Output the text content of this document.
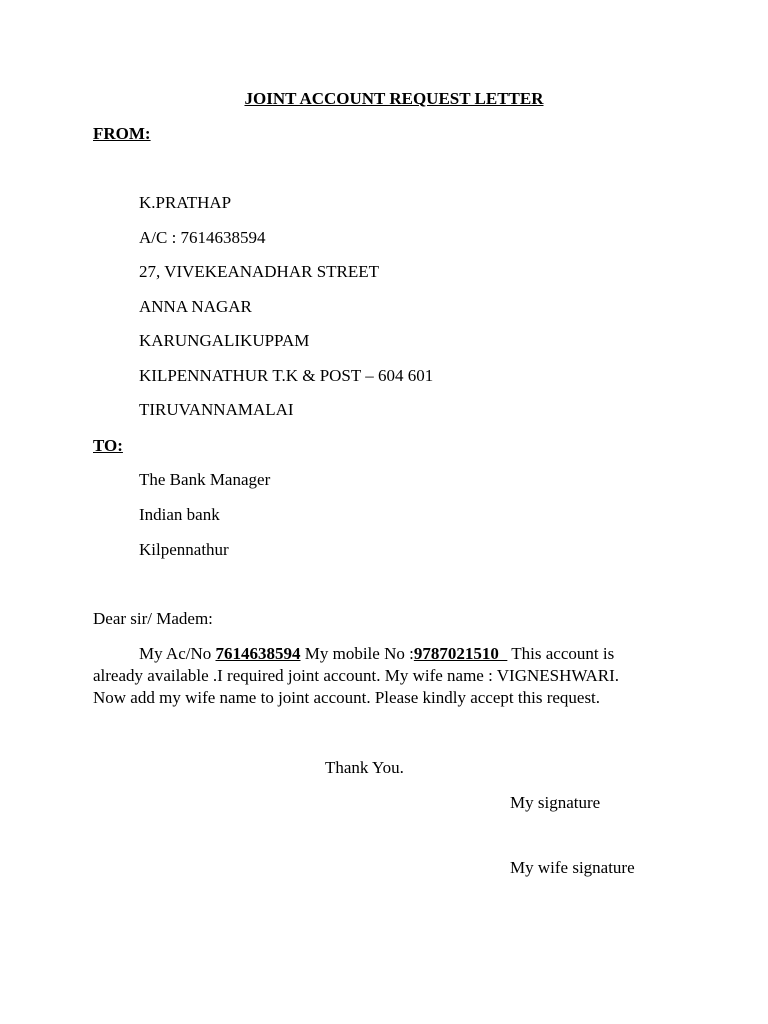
JOINT ACCOUNT REQUEST LETTER
FROM:
K.PRATHAP
A/C : 7614638594
27, VIVEKEANADHAR STREET
ANNA NAGAR
KARUNGALIKUPPAM
KILPENNATHUR T.K & POST – 604 601
TIRUVANNAMALAI
TO:
The Bank Manager
Indian bank
Kilpennathur
Dear sir/ Madem:
My Ac/No 7614638594 My mobile No :9787021510   This account is
already available .I required joint account. My wife name : VIGNESHWARI.
Now add my wife name to joint account. Please kindly accept this request.
Thank You.
My signature
My wife signature
